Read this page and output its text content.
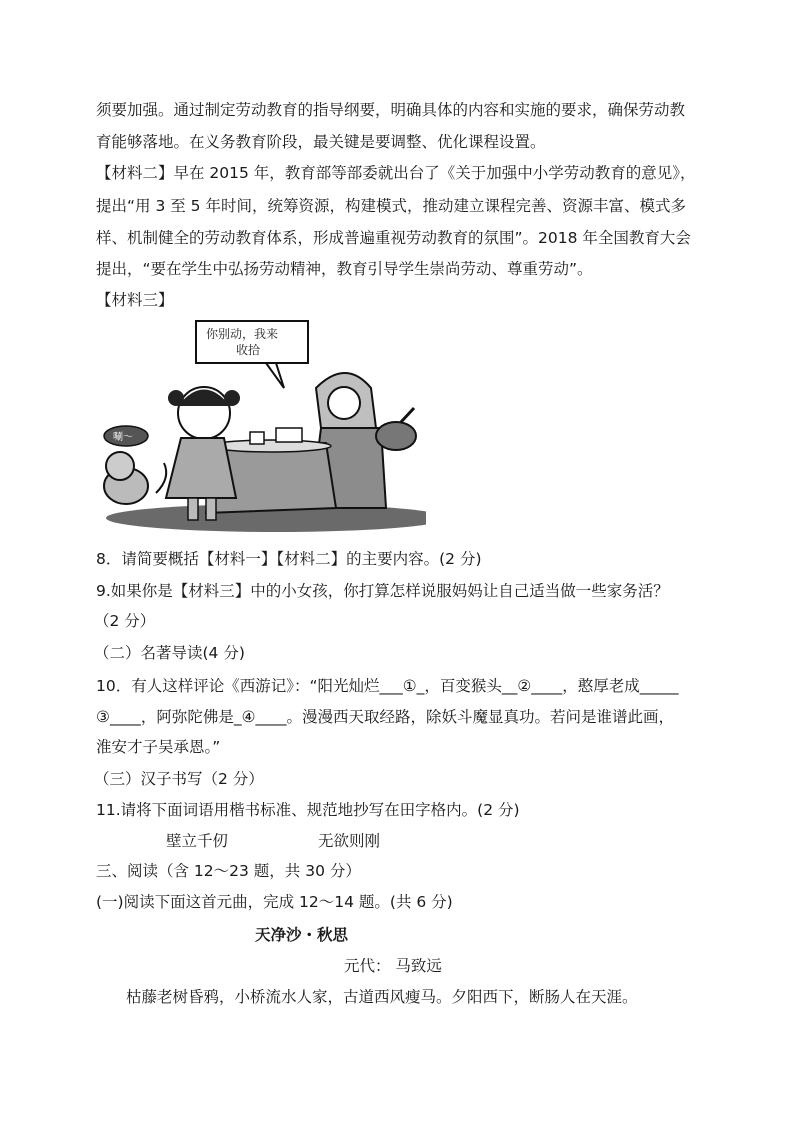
须要加强。通过制定劳动教育的指导纲要，明确具体的内容和实施的要求，确保劳动教
育能够落地。在义务教育阶段，最关键是要调整、优化课程设置。
【材料二】早在 2015 年，教育部等部委就出台了《关于加强中小学劳动教育的意见》，
提出“用 3 至 5 年时间，统筹资源，构建模式，推动建立课程完善、资源丰富、模式多
样、机制健全的劳动教育体系，形成普遍重视劳动教育的氛围”。2018 年全国教育大会
提出，“要在学生中弘扬劳动精神，教育引导学生崇尚劳动、尊重劳动”。
【材料三】
你别动，我来
收拾
唰～
8．请简要概括【材料一】【材料二】的主要内容。(2 分)
9.如果你是【材料三】中的小女孩，你打算怎样说服妈妈让自己适当做一些家务活？
（2 分）
（二）名著导读(4 分)
10．有人这样评论《西游记》：“阳光灿烂___①_，百变猴头__②____，憨厚老成_____
③____，阿弥陀佛是_④____。漫漫西天取经路，除妖斗魔显真功。若问是谁谱此画，
淮安才子吴承恩。”
（三）汉子书写（2 分）
11.请将下面词语用楷书标准、规范地抄写在田字格内。(2 分)
壁立千仞	无欲则刚
三、阅读（含 12～23 题，共 30 分）
(一)阅读下面这首元曲，完成 12～14 题。(共 6 分)
天净沙・秋思
元代： 马致远
枯藤老树昏鸦，小桥流水人家，古道西风瘦马。夕阳西下，断肠人在天涯。
